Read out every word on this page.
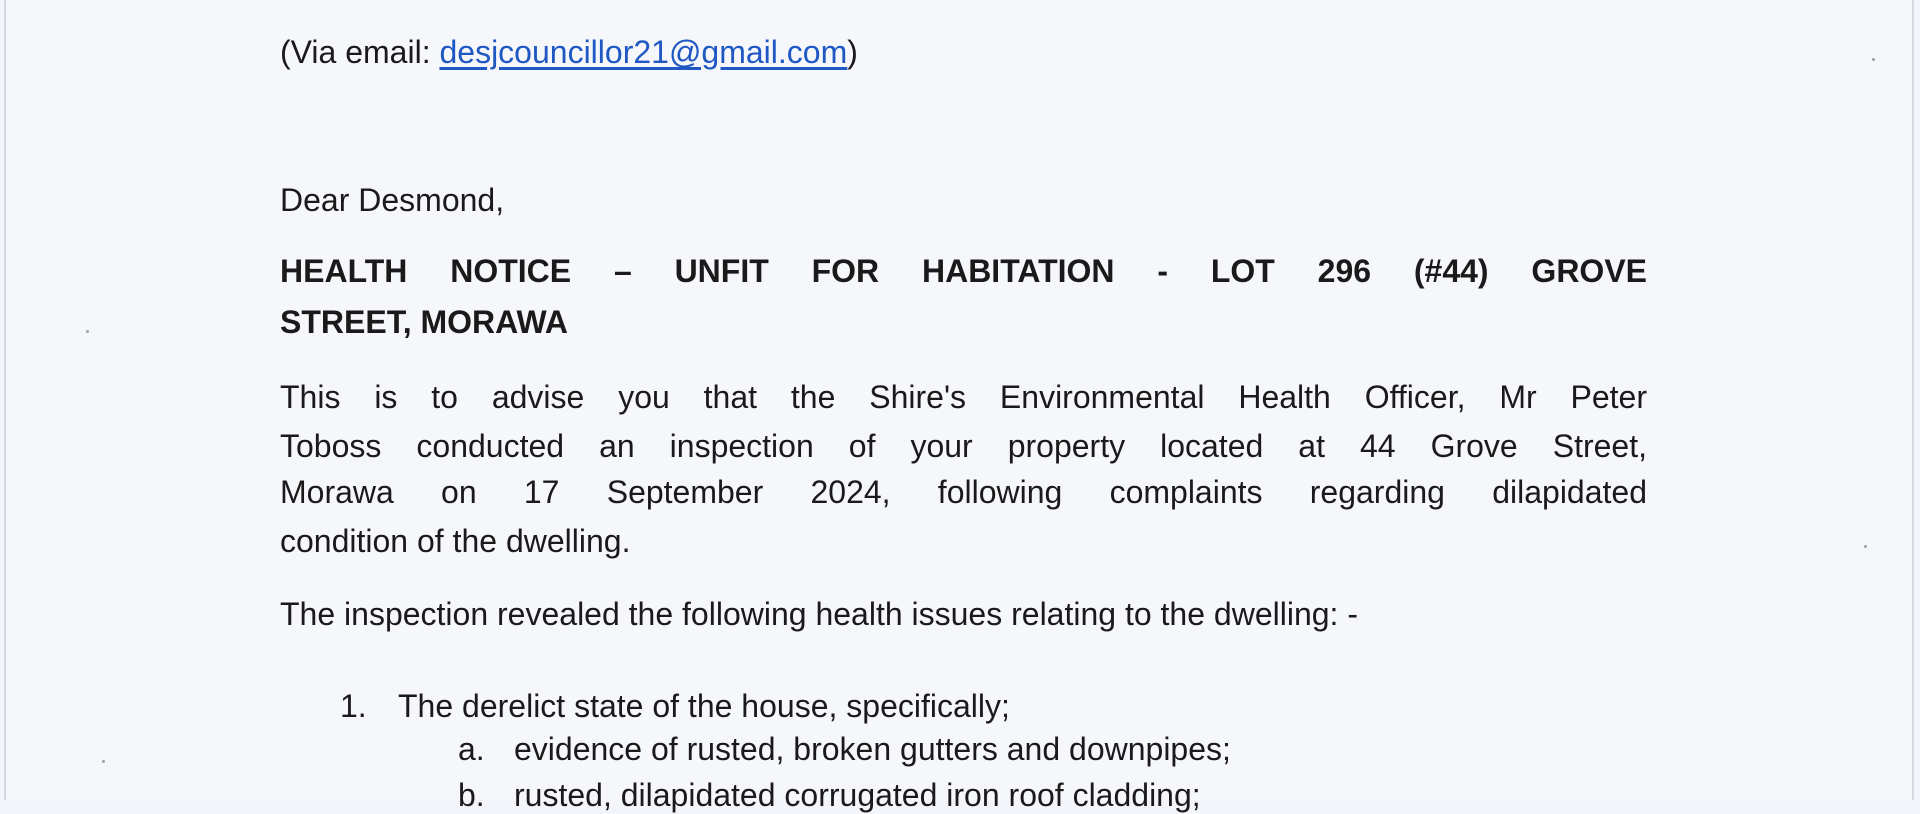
(Via email: desjcouncillor21@gmail.com)
Dear Desmond,
HEALTH NOTICE – UNFIT FOR HABITATION - LOT 296 (#44) GROVE
STREET, MORAWA
This is to advise you that the Shire's Environmental Health Officer, Mr Peter
Toboss conducted an inspection of your property located at 44 Grove Street,
Morawa on 17 September 2024, following complaints regarding dilapidated
condition of the dwelling.
The inspection revealed the following health issues relating to the dwelling: -
1. The derelict state of the house, specifically;
a. evidence of rusted, broken gutters and downpipes;
b. rusted, dilapidated corrugated iron roof cladding;
